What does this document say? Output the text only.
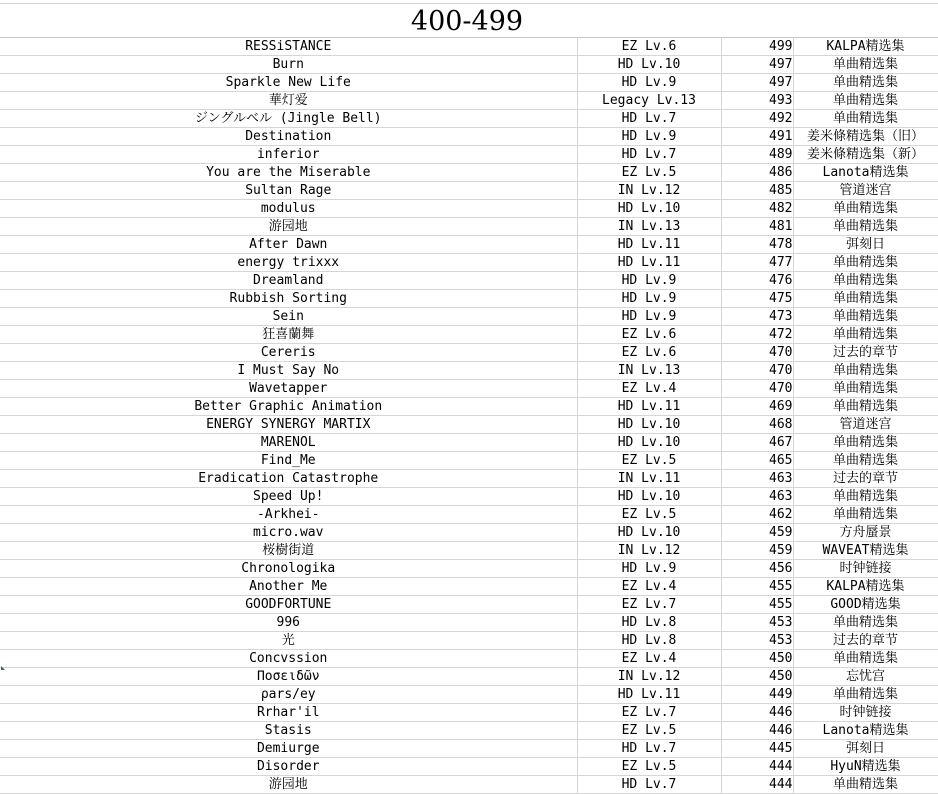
400-499
RESSiSTANCE	EZ Lv.6	499	KALPA精选集
Burn	HD Lv.10	497	单曲精选集
Sparkle New Life	HD Lv.9	497	单曲精选集
華灯爱	Legacy Lv.13	493	单曲精选集
ジングルベル (Jingle Bell)	HD Lv.7	492	单曲精选集
Destination	HD Lv.9	491	姜米條精选集（旧）
inferior	HD Lv.7	489	姜米條精选集（新）
You are the Miserable	EZ Lv.5	486	Lanota精选集
Sultan Rage	IN Lv.12	485	管道迷宫
modulus	HD Lv.10	482	单曲精选集
游园地	IN Lv.13	481	单曲精选集
After Dawn	HD Lv.11	478	弭刻日
energy trixxx	HD Lv.11	477	单曲精选集
Dreamland	HD Lv.9	476	单曲精选集
Rubbish Sorting	HD Lv.9	475	单曲精选集
Sein	HD Lv.9	473	单曲精选集
狂喜蘭舞	EZ Lv.6	472	单曲精选集
Cereris	EZ Lv.6	470	过去的章节
I Must Say No	IN Lv.13	470	单曲精选集
Wavetapper	EZ Lv.4	470	单曲精选集
Better Graphic Animation	HD Lv.11	469	单曲精选集
ENERGY SYNERGY MARTIX	HD Lv.10	468	管道迷宫
MARENOL	HD Lv.10	467	单曲精选集
Find_Me	EZ Lv.5	465	单曲精选集
Eradication Catastrophe	IN Lv.11	463	过去的章节
Speed Up!	HD Lv.10	463	单曲精选集
-Arkhei-	EZ Lv.5	462	单曲精选集
micro.wav	HD Lv.10	459	方舟蜃景
桜樹街道	IN Lv.12	459	WAVEAT精选集
Chronologika	HD Lv.9	456	时钟链接
Another Me	EZ Lv.4	455	KALPA精选集
GOODFORTUNE	EZ Lv.7	455	GOOD精选集
996	HD Lv.8	453	单曲精选集
光	HD Lv.8	453	过去的章节
Concvssion	EZ Lv.4	450	单曲精选集
Ποσειδῶν	IN Lv.12	450	忘忧宫
ρars/ey	HD Lv.11	449	单曲精选集
Rrhar'il	EZ Lv.7	446	时钟链接
Stasis	EZ Lv.5	446	Lanota精选集
Demiurge	HD Lv.7	445	弭刻日
Disorder	EZ Lv.5	444	HyuN精选集
游园地	HD Lv.7	444	单曲精选集
